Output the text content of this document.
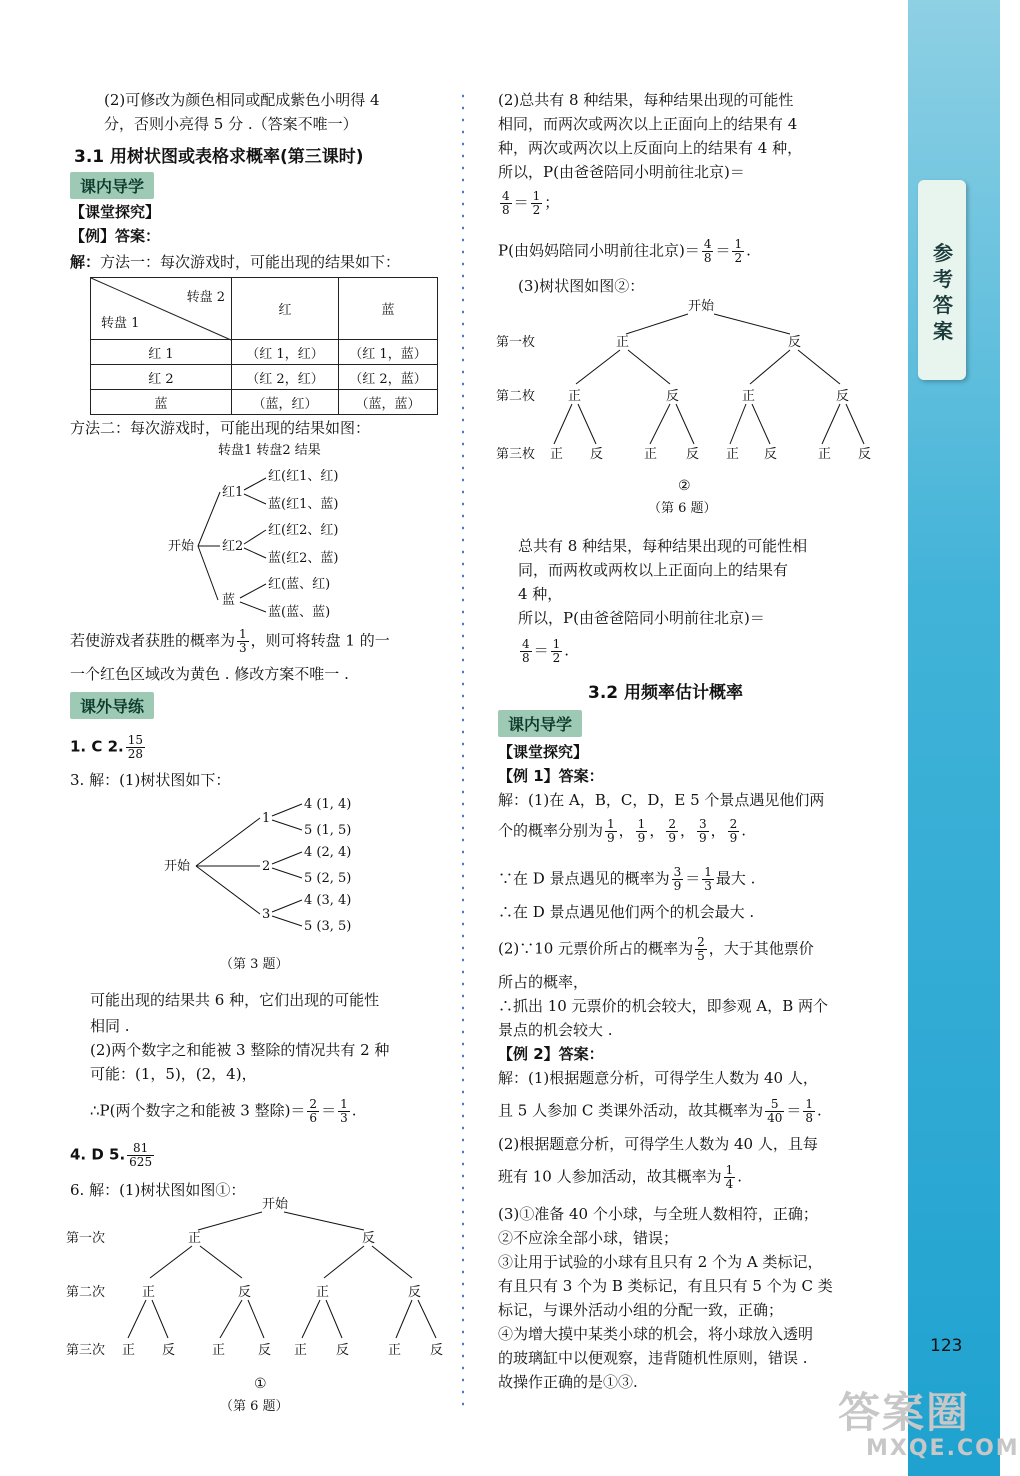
参考答案
123
(2)可修改为颜色相同或配成紫色小明得 4
分，否则小亮得 5 分 .（答案不唯一）
3.1 用树状图或表格求概率(第三课时)
课内导学
【课堂探究】
【例】答案：
解：方法一：每次游戏时，可能出现的结果如下：
转盘 2
转盘 1	红	蓝
红 1	（红 1，红）	（红 1，蓝）
红 2	（红 2，红）	（红 2，蓝）
蓝	（蓝，红）	（蓝，蓝）
方法二：每次游戏时，可能出现的结果如图：
转盘1 转盘2 结果
开始
红1
红2
蓝
红(红1、红)
蓝(红1、蓝)
红(红2、红)
蓝(红2、蓝)
红(蓝、红)
蓝(蓝、蓝)
若使游戏者获胜的概率为 $\frac{1}{3}$ ，则可将转盘 1 的一
一个红色区域改为黄色 . 修改方案不唯一 .
课外导练
1. C 2. $\frac{15}{28}$
3. 解：(1)树状图如下：
开始
1
2
3
4 (1, 4)
5 (1, 5)
4 (2, 4)
5 (2, 5)
4 (3, 4)
5 (3, 5)
（第 3 题）
可能出现的结果共 6 种，它们出现的可能性
相同 .
(2)两个数字之和能被 3 整除的情况共有 2 种
可能：(1，5)，(2，4)，
∴P(两个数字之和能被 3 整除)＝ $\frac{2}{6} = \frac{1}{3}$ .
4. D 5. $\frac{81}{625}$
6. 解：(1)树状图如图①：
开始
第一次	正	反
第二次	正	反	正	反
第三次 正 反	正	反 正 反	正 反
①
（第 6 题）
(2)总共有 8 种结果，每种结果出现的可能性
相同，而两次或两次以上正面向上的结果有 4
种，两次或两次以上反面向上的结果有 4 种，
所以，P(由爸爸陪同小明前往北京)＝
$\frac{4}{8} = \frac{1}{2}$ ；
P(由妈妈陪同小明前往北京)＝ $\frac{4}{8} = \frac{1}{2}$ .
(3)树状图如图②：
开始
第一枚	正	反
第二枚	正	反	正	反
第三枚 正 反	正 反 正 反	正 反
②
（第 6 题）
总共有 8 种结果，每种结果出现的可能性相
同，而两枚或两枚以上正面向上的结果有
4 种，
所以，P(由爸爸陪同小明前往北京)＝
$\frac{4}{8} = \frac{1}{2}$ .
3.2 用频率估计概率
课内导学
【课堂探究】
【例 1】答案：
解：(1)在 A，B，C，D，E 5 个景点遇见他们两
个的概率分别为 $\frac{1}{9}$ ， $\frac{1}{9}$ ， $\frac{2}{9}$ ， $\frac{3}{9}$ ， $\frac{2}{9}$ .
∵在 D 景点遇见的概率为 $\frac{3}{9} = \frac{1}{3}$ 最大 .
∴在 D 景点遇见他们两个的机会最大 .
(2)∵10 元票价所占的概率为 $\frac{2}{5}$ ，大于其他票价
所占的概率，
∴抓出 10 元票价的机会较大，即参观 A，B 两个
景点的机会较大 .
【例 2】答案：
解：(1)根据题意分析，可得学生人数为 40 人，
且 5 人参加 C 类课外活动，故其概率为 $\frac{5}{40} = \frac{1}{8}$ .
(2)根据题意分析，可得学生人数为 40 人，且每
班有 10 人参加活动，故其概率为 $\frac{1}{4}$ .
(3)①准备 40 个小球，与全班人数相符，正确；
②不应涂全部小球，错误；
③让用于试验的小球有且只有 2 个为 A 类标记，
有且只有 3 个为 B 类标记，有且只有 5 个为 C 类
标记，与课外活动小组的分配一致，正确；
④为增大摸中某类小球的机会，将小球放入透明
的玻璃缸中以便观察，违背随机性原则，错误 .
故操作正确的是①③.
答案圈
MXQE.COM
